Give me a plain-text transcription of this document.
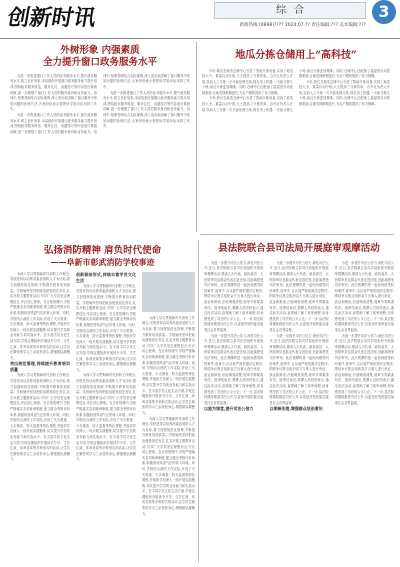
创新时讯	综 合	3
新闻热线:(0898)???? 2024.07.?? 责任编辑:??? 美术编辑:???
外树形象 内强素质
全力提升窗口政务服务水平

为进一步推进窗口工作人员的业务服务水平,提升政务服务水平,树立良好形象,本局组织开展窗口政务服务能力提升培训,围绕政务服务规范、服务礼仪、沟通技巧等内容进行系统讲解,进一步增强了窗口工作人员的服务意识和业务能力。培训中,授课老师结合实际案例,深入浅出地讲解了窗口服务中常见问题的处理方法,大家纷纷表示将把所学知识运用到工作中。

为进一步推进窗口工作人员的业务服务水平,提升政务服务水平,树立良好形象,本局组织开展窗口政务服务能力提升培训,围绕政务服务规范、服务礼仪、沟通技巧等内容进行系统讲解,进一步增强了窗口工作人员的服务意识和业务能力。培训中,授课老师结合实际案例,深入浅出地讲解了窗口服务中常见问题的处理方法,大家纷纷表示将把所学知识运用到工作中。

为进一步推进窗口工作人员的业务服务水平,提升政务服务水平,树立良好形象,本局组织开展窗口政务服务能力提升培训,围绕政务服务规范、服务礼仪、沟通技巧等内容进行系统讲解,进一步增强了窗口工作人员的服务意识和业务能力。培训中,授课老师结合实际案例,深入浅出地讲解了窗口服务中常见问题的处理方法,大家纷纷表示将把所学知识运用到工作中。

地瓜分拣仓储用上“高科技”

今年,我们在地瓜仓储中心引进了智能分拣设备,实现了地瓜按大小、重量自动分拣,大大提高了分拣效率。合作社负责人介绍,以前人工分拣一天只能处理几吨,现在用上机器,一天能分拣几十吨,而且分拣更加精准。同时,仓储中心还配备了温湿度自动控制系统,让地瓜保鲜期更长,为农户增收提供了有力保障。

今年,我们在地瓜仓储中心引进了智能分拣设备,实现了地瓜按大小、重量自动分拣,大大提高了分拣效率。合作社负责人介绍,以前人工分拣一天只能处理几吨,现在用上机器,一天能分拣几十吨,而且分拣更加精准。同时,仓储中心还配备了温湿度自动控制系统,让地瓜保鲜期更长,为农户增收提供了有力保障。

今年,我们在地瓜仓储中心引进了智能分拣设备,实现了地瓜按大小、重量自动分拣,大大提高了分拣效率。合作社负责人介绍,以前人工分拣一天只能处理几吨,现在用上机器,一天能分拣几十吨,而且分拣更加精准。同时,仓储中心还配备了温湿度自动控制系统,让地瓜保鲜期更长,为农户增收提供了有力保障。

弘扬消防精神 肩负时代使命
——阜新市彰武消防学校事迹

为深入学习贯彻新时代消防工作理念,学校坚持以培养高素质消防人才为目标,着力加强规范化管理,不断提升教育培训质量。学校始终坚持把政治建校放在首位,扎实开展主题教育活动,引导广大学员坚定理想信念,牢记初心使命。在日常管理中,学校严格落实各项规章制度,建立健全考核评价体系,积极营造风清气正的育人环境。同时,学校结合消防工作实际,开设了灭火救援、火灾调查、防火监督等特色课程,并组织学员深入一线开展实践锻炼,切实提升学员的业务能力和实战水平。在丰富学员文化生活方面,学校定期组织开展读书分享、文艺汇演、体育竞赛等多种形式的活动,让学员在紧张的学习之余放松身心,增强团队凝聚力。

突出规范管理,持续提升教育培训质量

为深入学习贯彻新时代消防工作理念,学校坚持以培养高素质消防人才为目标,着力加强规范化管理,不断提升教育培训质量。学校始终坚持把政治建校放在首位,扎实开展主题教育活动,引导广大学员坚定理想信念,牢记初心使命。在日常管理中,学校严格落实各项规章制度,建立健全考核评价体系,积极营造风清气正的育人环境。同时,学校结合消防工作实际,开设了灭火救援、火灾调查、防火监督等特色课程,并组织学员深入一线开展实践锻炼,切实提升学员的业务能力和实战水平。在丰富学员文化生活方面,学校定期组织开展读书分享、文艺汇演、体育竞赛等多种形式的活动,让学员在紧张的学习之余放松身心,增强团队凝聚力。

创新载体形式,持续丰富学员文化生活

为深入学习贯彻新时代消防工作理念,学校坚持以培养高素质消防人才为目标,着力加强规范化管理,不断提升教育培训质量。学校始终坚持把政治建校放在首位,扎实开展主题教育活动,引导广大学员坚定理想信念,牢记初心使命。在日常管理中,学校严格落实各项规章制度,建立健全考核评价体系,积极营造风清气正的育人环境。同时,学校结合消防工作实际,开设了灭火救援、火灾调查、防火监督等特色课程,并组织学员深入一线开展实践锻炼,切实提升学员的业务能力和实战水平。在丰富学员文化生活方面,学校定期组织开展读书分享、文艺汇演、体育竞赛等多种形式的活动,让学员在紧张的学习之余放松身心,增强团队凝聚力。

为深入学习贯彻新时代消防工作理念,学校坚持以培养高素质消防人才为目标,着力加强规范化管理,不断提升教育培训质量。学校始终坚持把政治建校放在首位,扎实开展主题教育活动,引导广大学员坚定理想信念,牢记初心使命。在日常管理中,学校严格落实各项规章制度,建立健全考核评价体系,积极营造风清气正的育人环境。同时,学校结合消防工作实际,开设了灭火救援、火灾调查、防火监督等特色课程,并组织学员深入一线开展实践锻炼,切实提升学员的业务能力和实战水平。在丰富学员文化生活方面,学校定期组织开展读书分享、文艺汇演、体育竞赛等多种形式的活动,让学员在紧张的学习之余放松身心,增强团队凝聚力。

为深入学习贯彻新时代消防工作理念,学校坚持以培养高素质消防人才为目标,着力加强规范化管理,不断提升教育培训质量。学校始终坚持把政治建校放在首位,扎实开展主题教育活动,引导广大学员坚定理想信念,牢记初心使命。在日常管理中,学校严格落实各项规章制度,建立健全考核评价体系,积极营造风清气正的育人环境。同时,学校结合消防工作实际,开设了灭火救援、火灾调查、防火监督等特色课程,并组织学员深入一线开展实践锻炼,切实提升学员的业务能力和实战水平。在丰富学员文化生活方面,学校定期组织开展读书分享、文艺汇演、体育竞赛等多种形式的活动,让学员在紧张的学习之余放松身心,增强团队凝聚力。

为深入学习贯彻新时代消防工作理念,学校坚持以培养高素质消防人才为目标,着力加强规范化管理,不断提升教育培训质量。学校始终坚持把政治建校放在首位,扎实开展主题教育活动,引导广大学员坚定理想信念,牢记初心使命。在日常管理中,学校严格落实各项规章制度,建立健全考核评价体系,积极营造风清气正的育人环境。同时,学校结合消防工作实际,开设了灭火救援、火灾调查、防火监督等特色课程,并组织学员深入一线开展实践锻炼,切实提升学员的业务能力和实战水平。在丰富学员文化生活方面,学校定期组织开展读书分享、文艺汇演、体育竞赛等多种形式的活动,让学员在紧张的学习之余放松身心,增强团队凝聚力。

县法院联合县司法局开展庭审观摩活动

为进一步提升司法公信力,深化司法公开,近日,县法院联合县司法局组织开展庭审观摩活动,邀请人大代表、政协委员、人民陪审员及群众代表走进法庭,近距离感受司法审判。此次观摩的是一起民间借贷纠纷案件,庭审中,合议庭严格依照法定程序,围绕争议焦点组织双方当事人进行举证、质证和辩论,法庭调查清楚,庭审节奏紧凑有序。庭审结束后,观摩人员纷纷表示,通过此次活动,直观地了解了庭审流程,切身感受到了司法的公平公正。下一步,县法院将继续推进司法公开,以更加开放的姿态接受社会各界监督。

为进一步提升司法公信力,深化司法公开,近日,县法院联合县司法局组织开展庭审观摩活动,邀请人大代表、政协委员、人民陪审员及群众代表走进法庭,近距离感受司法审判。此次观摩的是一起民间借贷纠纷案件,庭审中,合议庭严格依照法定程序,围绕争议焦点组织双方当事人进行举证、质证和辩论,法庭调查清楚,庭审节奏紧凑有序。庭审结束后,观摩人员纷纷表示,通过此次活动,直观地了解了庭审流程,切身感受到了司法的公平公正。下一步,县法院将继续推进司法公开,以更加开放的姿态接受社会各界监督。

以庭为课堂,提升司法公信力

为进一步提升司法公信力,深化司法公开,近日,县法院联合县司法局组织开展庭审观摩活动,邀请人大代表、政协委员、人民陪审员及群众代表走进法庭,近距离感受司法审判。此次观摩的是一起民间借贷纠纷案件,庭审中,合议庭严格依照法定程序,围绕争议焦点组织双方当事人进行举证、质证和辩论,法庭调查清楚,庭审节奏紧凑有序。庭审结束后,观摩人员纷纷表示,通过此次活动,直观地了解了庭审流程,切身感受到了司法的公平公正。下一步,县法院将继续推进司法公开,以更加开放的姿态接受社会各界监督。

为进一步提升司法公信力,深化司法公开,近日,县法院联合县司法局组织开展庭审观摩活动,邀请人大代表、政协委员、人民陪审员及群众代表走进法庭,近距离感受司法审判。此次观摩的是一起民间借贷纠纷案件,庭审中,合议庭严格依照法定程序,围绕争议焦点组织双方当事人进行举证、质证和辩论,法庭调查清楚,庭审节奏紧凑有序。庭审结束后,观摩人员纷纷表示,通过此次活动,直观地了解了庭审流程,切身感受到了司法的公平公正。下一步,县法院将继续推进司法公开,以更加开放的姿态接受社会各界监督。

以案释法理,增强群众法治意识

为进一步提升司法公信力,深化司法公开,近日,县法院联合县司法局组织开展庭审观摩活动,邀请人大代表、政协委员、人民陪审员及群众代表走进法庭,近距离感受司法审判。此次观摩的是一起民间借贷纠纷案件,庭审中,合议庭严格依照法定程序,围绕争议焦点组织双方当事人进行举证、质证和辩论,法庭调查清楚,庭审节奏紧凑有序。庭审结束后,观摩人员纷纷表示,通过此次活动,直观地了解了庭审流程,切身感受到了司法的公平公正。下一步,县法院将继续推进司法公开,以更加开放的姿态接受社会各界监督。

为进一步提升司法公信力,深化司法公开,近日,县法院联合县司法局组织开展庭审观摩活动,邀请人大代表、政协委员、人民陪审员及群众代表走进法庭,近距离感受司法审判。此次观摩的是一起民间借贷纠纷案件,庭审中,合议庭严格依照法定程序,围绕争议焦点组织双方当事人进行举证、质证和辩论,法庭调查清楚,庭审节奏紧凑有序。庭审结束后,观摩人员纷纷表示,通过此次活动,直观地了解了庭审流程,切身感受到了司法的公平公正。下一步,县法院将继续推进司法公开,以更加开放的姿态接受社会各界监督。
